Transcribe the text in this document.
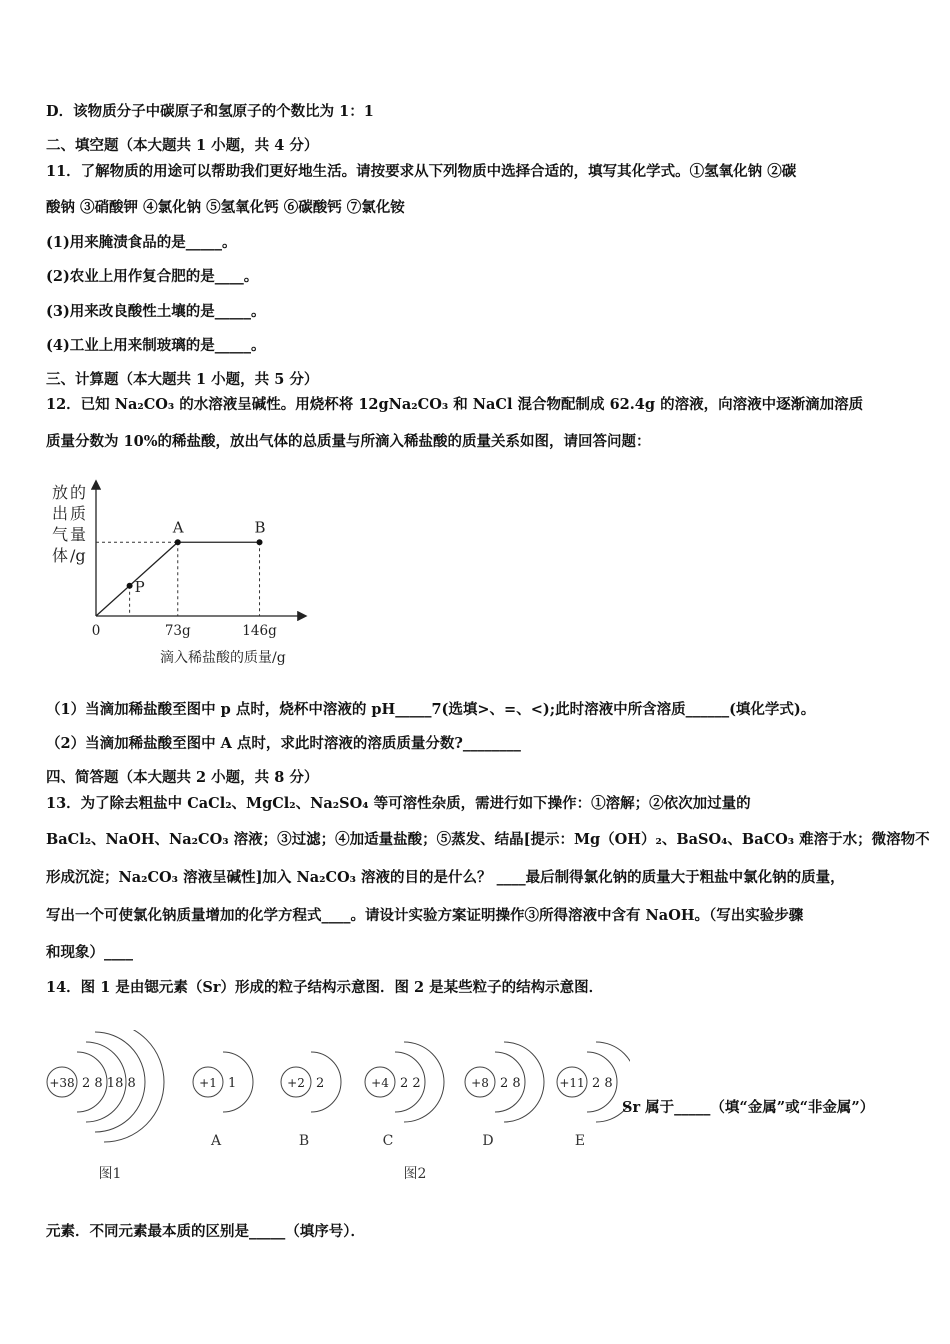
D．该物质分子中碳原子和氢原子的个数比为 1：1
二、填空题（本大题共 1 小题，共 4 分）
11．了解物质的用途可以帮助我们更好地生活。请按要求从下列物质中选择合适的，填写其化学式。①氢氧化钠 ②碳
酸钠 ③硝酸钾 ④氯化钠 ⑤氢氧化钙 ⑥碳酸钙 ⑦氯化铵
(1)用来腌渍食品的是_____。
(2)农业上用作复合肥的是____。
(3)用来改良酸性土壤的是_____。
(4)工业上用来制玻璃的是_____。
三、计算题（本大题共 1 小题，共 5 分）
12．已知 Na₂CO₃ 的水溶液呈碱性。用烧杯将 12gNa₂CO₃ 和 NaCl 混合物配制成 62.4g 的溶液，向溶液中逐渐滴加溶质
质量分数为 10%的稀盐酸，放出气体的总质量与所滴入稀盐酸的质量关系如图，请回答问题：
放 的
出 质
气 量
体 /g
P
A	B
0	73g	146g
滴入稀盐酸的质量/g
（1）当滴加稀盐酸至图中 p 点时，烧杯中溶液的 pH_____7(选填>、=、<);此时溶液中所含溶质______(填化学式)。
（2）当滴加稀盐酸至图中 A 点时，求此时溶液的溶质质量分数?________
四、简答题（本大题共 2 小题，共 8 分）
13．为了除去粗盐中 CaCl₂、MgCl₂、Na₂SO₄ 等可溶性杂质，需进行如下操作：①溶解；②依次加过量的
BaCl₂、NaOH、Na₂CO₃ 溶液；③过滤；④加适量盐酸；⑤蒸发、结晶[提示：Mg（OH）₂、BaSO₄、BaCO₃ 难溶于水；微溶物不
形成沉淀；Na₂CO₃ 溶液呈碱性]加入 Na₂CO₃ 溶液的目的是什么？ ____最后制得氯化钠的质量大于粗盐中氯化钠的质量，
写出一个可使氯化钠质量增加的化学方程式____。请设计实验方案证明操作③所得溶液中含有 NaOH。（写出实验步骤
和现象）____
14．图 1 是由锶元素（Sr）形成的粒子结构示意图．图 2 是某些粒子的结构示意图．
+38 2 8 18 8	+1 1
A
+2 2
B
+4 2 2
C
+8 2 8
D
+11 2 8
E
图1	图2
Sr 属于_____（填“金属”或“非金属”）
元素．不同元素最本质的区别是_____（填序号）．
